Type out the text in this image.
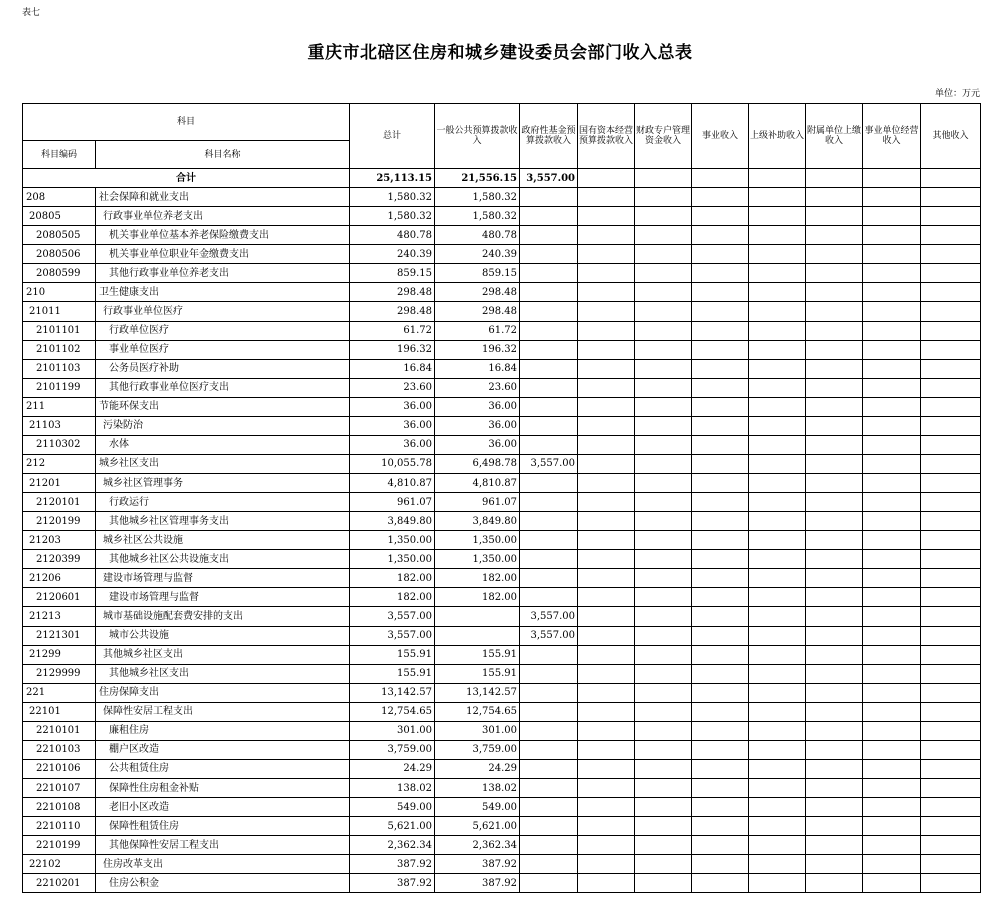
表七
重庆市北碚区住房和城乡建设委员会部门收入总表
单位：万元
科目		总计	一般公共预算拨款收入	政府性基金预算拨款收入	国有资本经营预算拨款收入	财政专户管理资金收入	事业收入	上级补助收入	附属单位上缴收入	事业单位经营收入	其他收入
科目编码	科目名称										
合计		25,113.15	21,556.15	3,557.00							
208	社会保障和就业支出	1,580.32	1,580.32								
20805	行政事业单位养老支出	1,580.32	1,580.32								
2080505	机关事业单位基本养老保险缴费支出	480.78	480.78								
2080506	机关事业单位职业年金缴费支出	240.39	240.39								
2080599	其他行政事业单位养老支出	859.15	859.15								
210	卫生健康支出	298.48	298.48								
21011	行政事业单位医疗	298.48	298.48								
2101101	行政单位医疗	61.72	61.72								
2101102	事业单位医疗	196.32	196.32								
2101103	公务员医疗补助	16.84	16.84								
2101199	其他行政事业单位医疗支出	23.60	23.60								
211	节能环保支出	36.00	36.00								
21103	污染防治	36.00	36.00								
2110302	水体	36.00	36.00								
212	城乡社区支出	10,055.78	6,498.78	3,557.00							
21201	城乡社区管理事务	4,810.87	4,810.87								
2120101	行政运行	961.07	961.07								
2120199	其他城乡社区管理事务支出	3,849.80	3,849.80								
21203	城乡社区公共设施	1,350.00	1,350.00								
2120399	其他城乡社区公共设施支出	1,350.00	1,350.00								
21206	建设市场管理与监督	182.00	182.00								
2120601	建设市场管理与监督	182.00	182.00								
21213	城市基础设施配套费安排的支出	3,557.00		3,557.00							
2121301	城市公共设施	3,557.00		3,557.00							
21299	其他城乡社区支出	155.91	155.91								
2129999	其他城乡社区支出	155.91	155.91								
221	住房保障支出	13,142.57	13,142.57								
22101	保障性安居工程支出	12,754.65	12,754.65								
2210101	廉租住房	301.00	301.00								
2210103	棚户区改造	3,759.00	3,759.00								
2210106	公共租赁住房	24.29	24.29								
2210107	保障性住房租金补贴	138.02	138.02								
2210108	老旧小区改造	549.00	549.00								
2210110	保障性租赁住房	5,621.00	5,621.00								
2210199	其他保障性安居工程支出	2,362.34	2,362.34								
22102	住房改革支出	387.92	387.92								
2210201	住房公积金	387.92	387.92								
